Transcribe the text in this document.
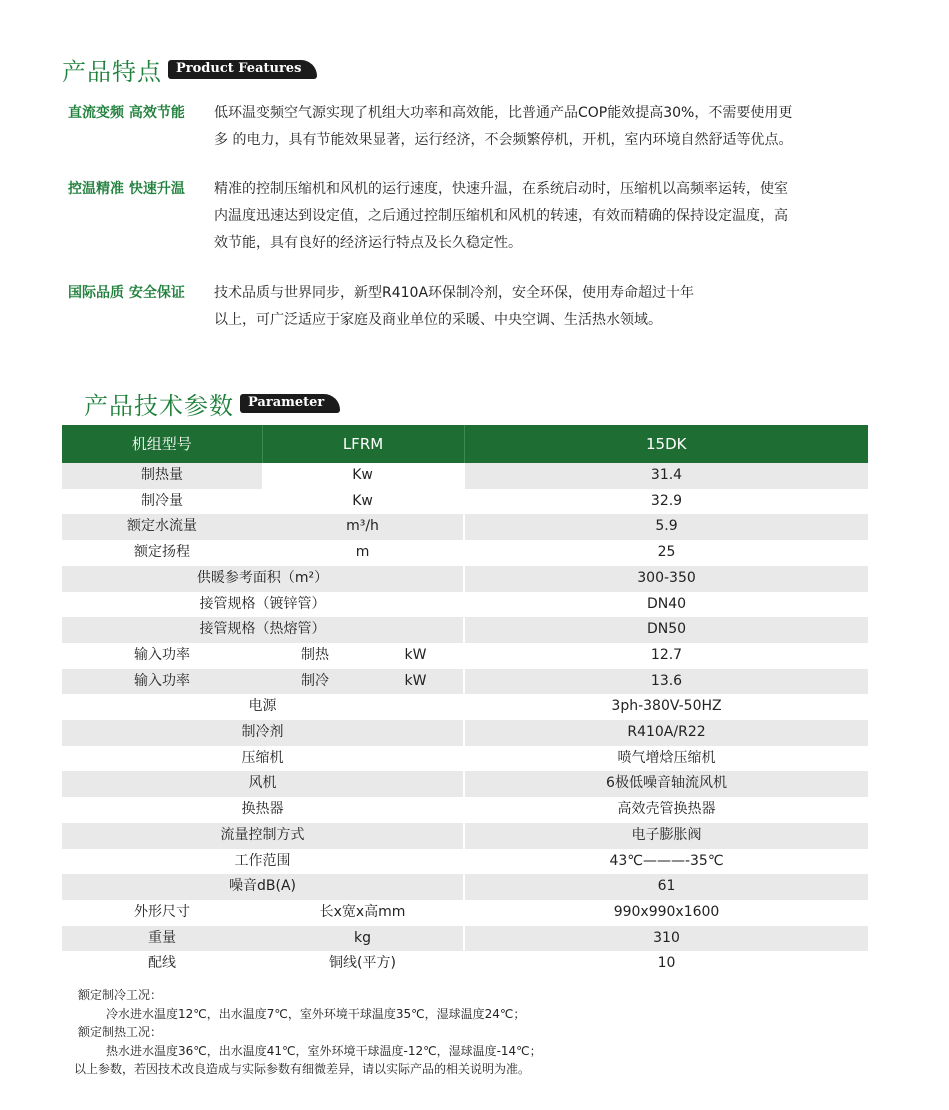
产品特点	Product Features
直流变频 高效节能	低环温变频空气源实现了机组大功率和高效能，比普通产品COP能效提高30%，不需要使用更
多 的电力，具有节能效果显著，运行经济，不会频繁停机，开机，室内环境自然舒适等优点。
控温精准 快速升温	精准的控制压缩机和风机的运行速度，快速升温，在系统启动时，压缩机以高频率运转，使室
内温度迅速达到设定值，之后通过控制压缩机和风机的转速，有效而精确的保持设定温度，高
效节能，具有良好的经济运行特点及长久稳定性。
国际品质 安全保证	技术品质与世界同步，新型R410A环保制冷剂，安全环保，使用寿命超过十年
以上，可广泛适应于家庭及商业单位的采暖、中央空调、生活热水领域。
产品技术参数	Parameter
机组型号	LFRM		15DK
制热量	Kw		31.4
制冷量	Kw		32.9
额定水流量	m³/h		5.9
额定扬程	m		25
供暖参考面积（m²）			300-350
接管规格（镀锌管）			DN40
接管规格（热熔管）			DN50
输入功率	制热	kW	12.7
输入功率	制冷	kW	13.6
电源			3ph-380V-50HZ
制冷剂			R410A/R22
压缩机			喷气增焓压缩机
风机			6极低噪音轴流风机
换热器			高效壳管换热器
流量控制方式			电子膨胀阀
工作范围			43℃———-35℃
噪音dB(A)			61
外形尺寸	长x宽x高mm		990x990x1600
重量	kg		310
配线	铜线(平方)		10
额定制冷工况：
冷水进水温度12℃，出水温度7℃，室外环境干球温度35℃，湿球温度24℃；
额定制热工况：
热水进水温度36℃，出水温度41℃，室外环境干球温度-12℃，湿球温度-14℃；
以上参数，若因技术改良造成与实际参数有细微差异，请以实际产品的相关说明为准。
